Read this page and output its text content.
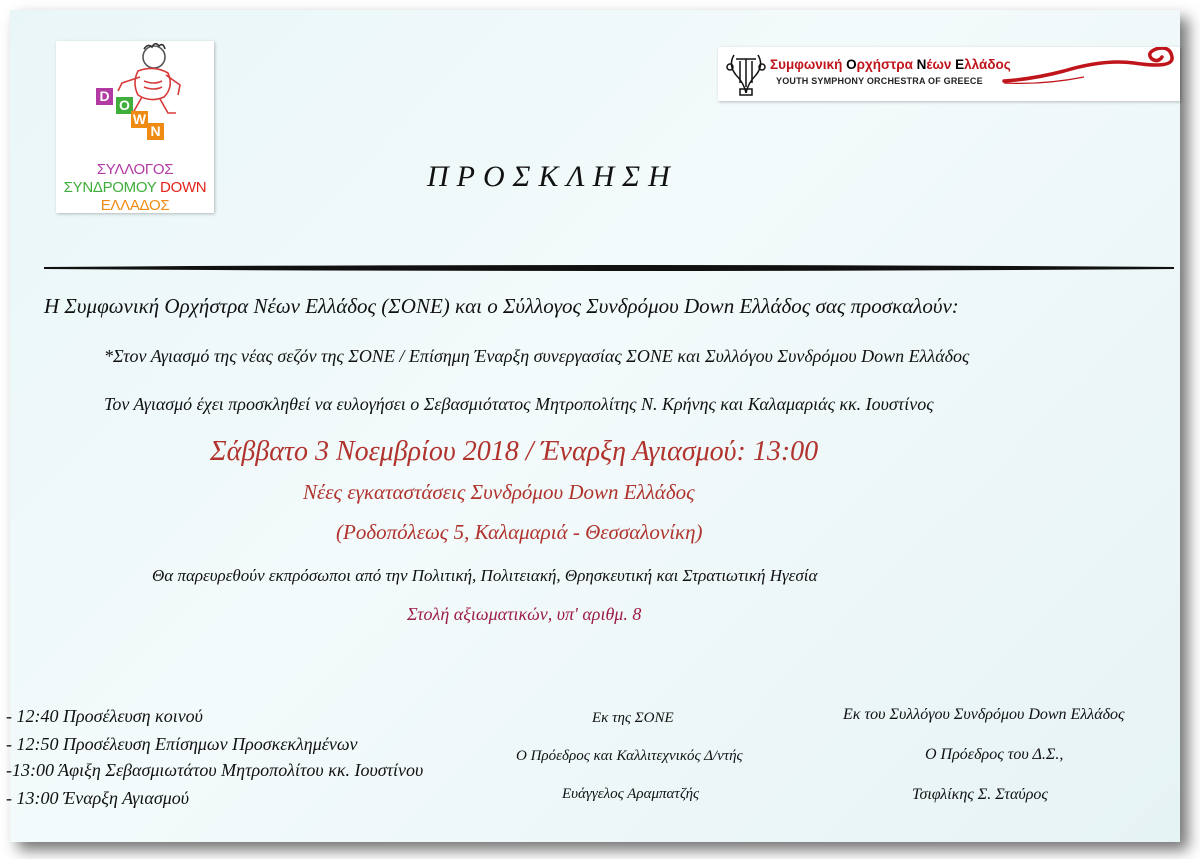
D
O
W
N
ΣΥΛΛΟΓΟΣ
ΣΥΝΔΡΟΜΟΥ DOWN
ΕΛΛΑΔΟΣ
Συμφωνική Ορχήστρα Νέων Ελλάδος
YOUTH SYMPHONY ORCHESTRA OF GREECE
ΠΡΟΣΚΛΗΣΗ
Η Συμφωνική Ορχήστρα Νέων Ελλάδος (ΣΟΝΕ) και ο Σύλλογος Συνδρόμου Down Ελλάδος σας προσκαλούν:
*Στον Αγιασμό της νέας σεζόν της ΣΟΝΕ / Επίσημη Έναρξη συνεργασίας ΣΟΝΕ και Συλλόγου Συνδρόμου Down Ελλάδος
Τον Αγιασμό έχει προσκληθεί να ευλογήσει ο Σεβασμιότατος Μητροπολίτης Ν. Κρήνης και Καλαμαριάς κκ. Ιουστίνος
Σάββατο 3 Νοεμβρίου 2018 / Έναρξη Αγιασμού: 13:00
Νέες εγκαταστάσεις Συνδρόμου Down Ελλάδος
(Ροδοπόλεως 5, Καλαμαριά - Θεσσαλονίκη)
Θα παρευρεθούν εκπρόσωποι από την Πολιτική, Πολιτειακή, Θρησκευτική και Στρατιωτική Ηγεσία
Στολή αξιωματικών, υπ' αριθμ. 8
- 12:40 Προσέλευση κοινού
- 12:50 Προσέλευση Επίσημων Προσκεκλημένων
-13:00 Άφιξη Σεβασμιωτάτου Μητροπολίτου κκ. Ιουστίνου
- 13:00 Έναρξη Αγιασμού
Εκ της ΣΟΝΕ
Ο Πρόεδρος και Καλλιτεχνικός Δ/ντής
Ευάγγελος Αραμπατζής
Εκ του Συλλόγου Συνδρόμου Down Ελλάδος
Ο Πρόεδρος του Δ.Σ.,
Τσιφλίκης Σ. Σταύρος
